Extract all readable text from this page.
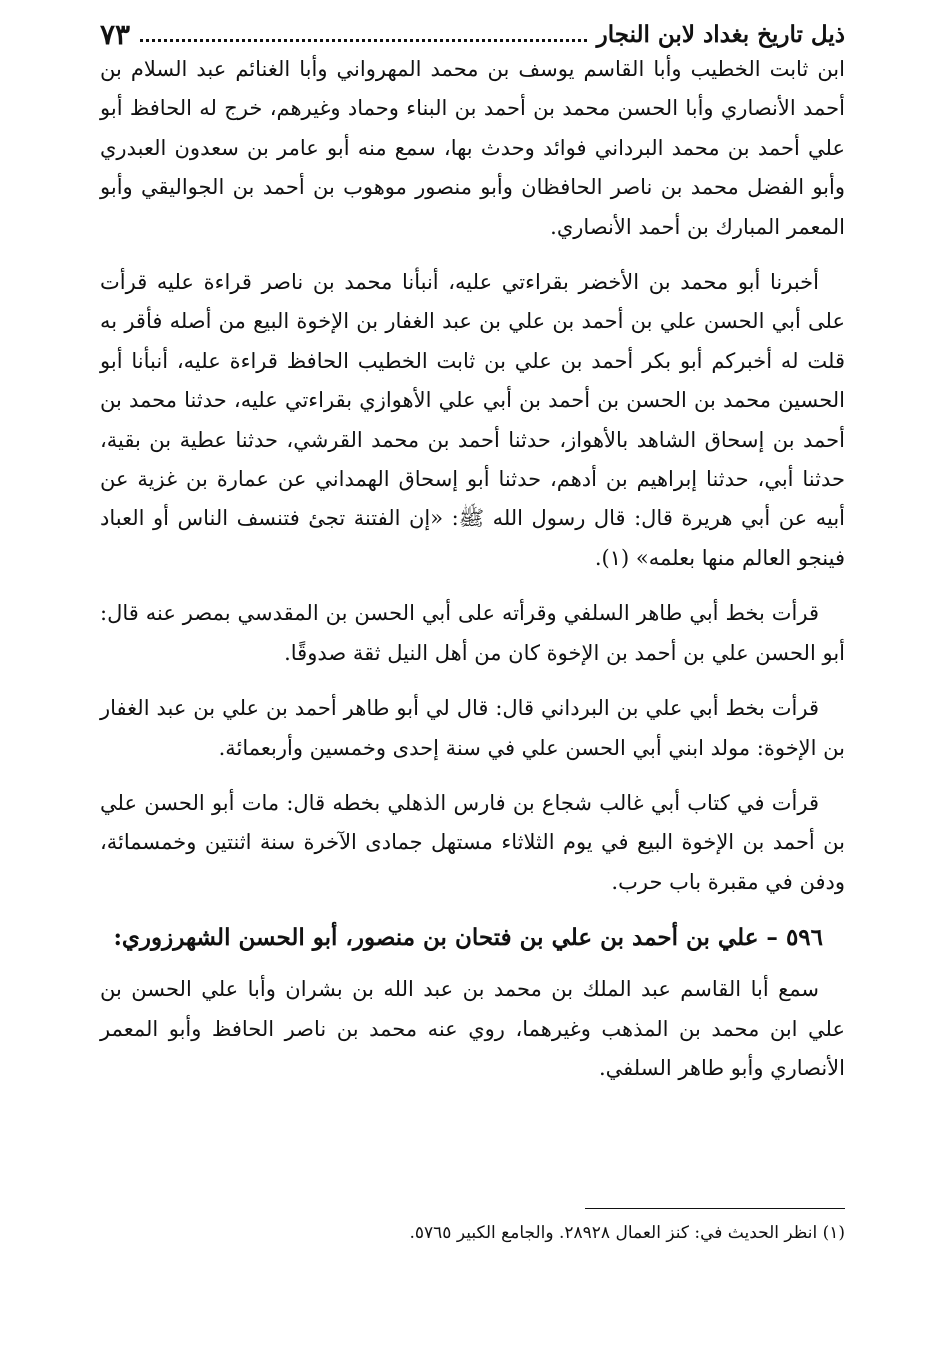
ذيل تاريخ بغداد لابن النجار
٧٣

ابن ثابت الخطيب وأبا القاسم يوسف بن محمد المهرواني وأبا الغنائم عبد السلام بن أحمد الأنصاري وأبا الحسن محمد بن أحمد بن البناء وحماد وغيرهم، خرج له الحافظ أبو علي أحمد بن محمد البرداني فوائد وحدث بها، سمع منه أبو عامر بن سعدون العبدري وأبو الفضل محمد بن ناصر الحافظان وأبو منصور موهوب بن أحمد بن الجواليقي وأبو المعمر المبارك بن أحمد الأنصاري.

أخبرنا أبو محمد بن الأخضر بقراءتي عليه، أنبأنا محمد بن ناصر قراءة عليه قرأت على أبي الحسن علي بن أحمد بن علي بن عبد الغفار بن الإخوة البيع من أصله فأقر به قلت له أخبركم أبو بكر أحمد بن علي بن ثابت الخطيب الحافظ قراءة عليه، أنبأنا أبو الحسين محمد بن الحسن بن أحمد بن أبي علي الأهوازي بقراءتي عليه، حدثنا محمد بن أحمد بن إسحاق الشاهد بالأهواز، حدثنا أحمد بن محمد القرشي، حدثنا عطية بن بقية، حدثنا أبي، حدثنا إبراهيم بن أدهم، حدثنا أبو إسحاق الهمداني عن عمارة بن غزية عن أبيه عن أبي هريرة قال: قال رسول الله ﷺ: «إن الفتنة تجئ فتنسف الناس أو العباد فينجو العالم منها بعلمه» (١).

قرأت بخط أبي طاهر السلفي وقرأته على أبي الحسن بن المقدسي بمصر عنه قال: أبو الحسن علي بن أحمد بن الإخوة كان من أهل النيل ثقة صدوقًا.

قرأت بخط أبي علي بن البرداني قال: قال لي أبو طاهر أحمد بن علي بن عبد الغفار بن الإخوة: مولد ابني أبي الحسن علي في سنة إحدى وخمسين وأربعمائة.

قرأت في كتاب أبي غالب شجاع بن فارس الذهلي بخطه قال: مات أبو الحسن علي بن أحمد بن الإخوة البيع في يوم الثلاثاء مستهل جمادى الآخرة سنة اثنتين وخمسمائة، ودفن في مقبرة باب حرب.

٥٩٦ – علي بن أحمد بن علي بن فتحان بن منصور، أبو الحسن الشهرزوري:

سمع أبا القاسم عبد الملك بن محمد بن عبد الله بن بشران وأبا علي الحسن بن علي ابن محمد بن المذهب وغيرهما، روي عنه محمد بن ناصر الحافظ وأبو المعمر الأنصاري وأبو طاهر السلفي.

(١) انظر الحديث في: كنز العمال ٢٨٩٢٨. والجامع الكبير ٥٧٦٥.
